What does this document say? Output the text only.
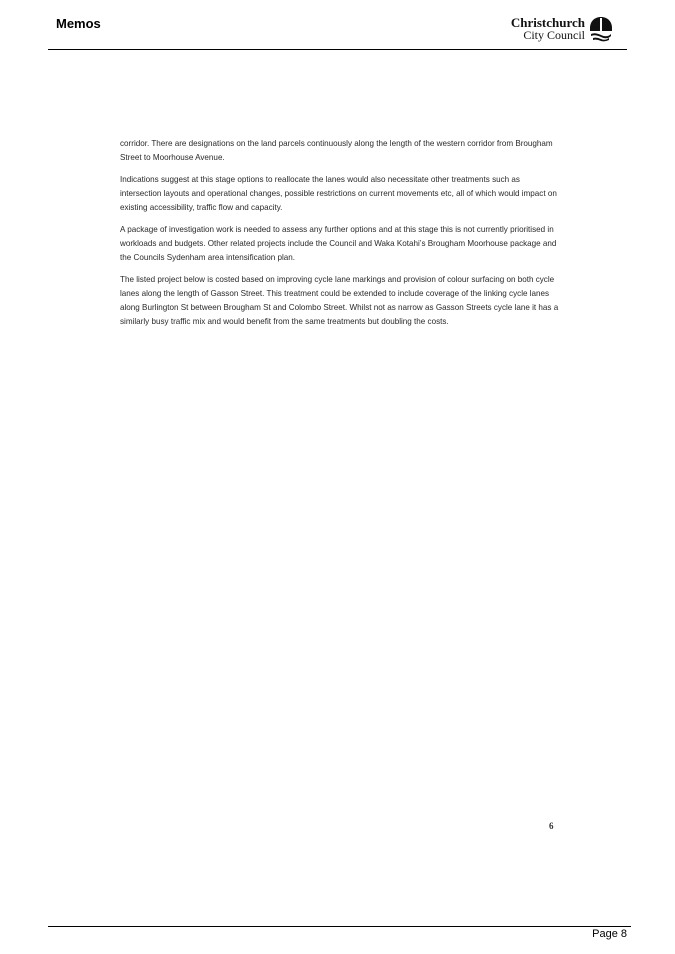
Memos	Christchurch
City Council

corridor. There are designations on the land parcels continuously along the length of the western corridor from Brougham Street to Moorhouse Avenue.

Indications suggest at this stage options to reallocate the lanes would also necessitate other treatments such as intersection layouts and operational changes, possible restrictions on current movements etc, all of which would impact on existing accessibility, traffic flow and capacity.

A package of investigation work is needed to assess any further options and at this stage this is not currently prioritised in workloads and budgets. Other related projects include the Council and Waka Kotahi’s Brougham Moorhouse package and the Councils Sydenham area intensification plan.

The listed project below is costed based on improving cycle lane markings and provision of colour surfacing on both cycle lanes along the length of Gasson Street. This treatment could be extended to include coverage of the linking cycle lanes along Burlington St between Brougham St and Colombo Street. Whilst not as narrow as Gasson Streets cycle lane it has a similarly busy traffic mix and would benefit from the same treatments but doubling the costs.

6
Page 8
